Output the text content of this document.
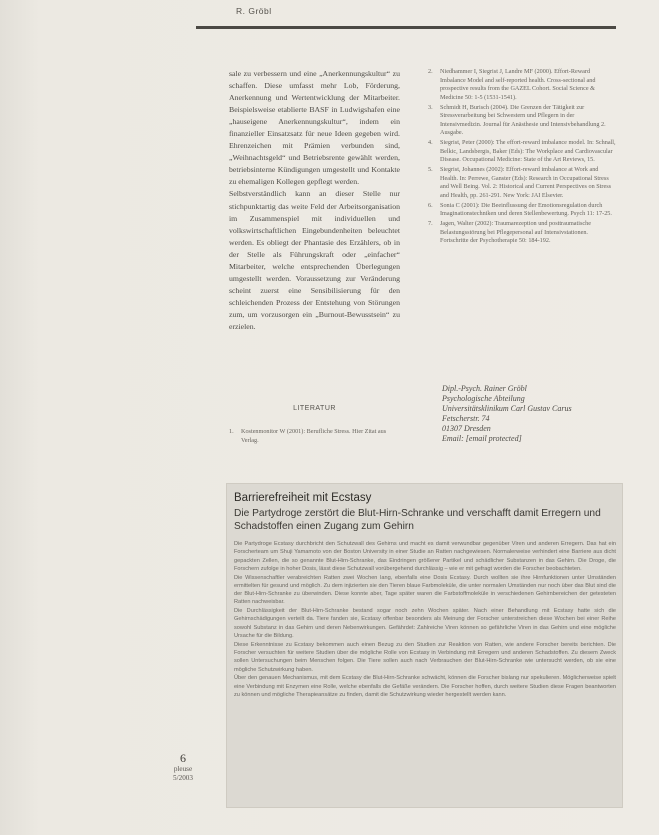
R. Gröbl

sale zu verbessern und eine „Anerkennungskultur“ zu schaffen. Diese umfasst mehr Lob, Förderung, Anerkennung und Wertentwicklung der Mitarbeiter. Beispielsweise etablierte BASF in Ludwigshafen eine „hauseigene Anerkennungskultur“, indem ein finanzieller Einsatzsatz für neue Ideen gegeben wird. Ehrenzeichen mit Prämien verbunden sind, „Weihnachtsgeld“ und Betriebsrente gewählt werden, betriebsinterne Kündigungen umgestellt und Kontakte zu ehemaligen Kollegen gepflegt werden.

Selbstverständlich kann an dieser Stelle nur stichpunktartig das weite Feld der Arbeitsorganisation im Zusammenspiel mit individuellen und volkswirtschaftlichen Eingebundenheiten beleuchtet werden. Es obliegt der Phantasie des Erzählers, ob in der Stelle als Führungskraft oder „einfacher“ Mitarbeiter, welche entsprechenden Überlegungen umgestellt werden. Voraussetzung zur Veränderung scheint zuerst eine Sensibilisierung für den schleichenden Prozess der Entstehung von Störungen zum, um vorzusorgen ein „Burnout-Bewusstsein“ zu erzielen.

LITERATUR
1.	Kostenmonitor W (2001): Berufliche Stress. Hier Zitat aus Verlag.
2.	Niedhammer I, Siegrist J, Landre MF (2000). Effort-Reward Imbalance Model and self-reported health. Cross-sectional and prospective results from the GAZEL Cohort. Social Science & Medicine 50: 1-5 (1531-1541).
3.	Schmidt H, Burisch (2004). Die Grenzen der Tätigkeit zur Stressverarbeitung bei Schwestern und Pflegern in der Intensivmedizin. Journal für Anästhesie und Intensivbehandlung 2. Ausgabe.
4.	Siegrist, Peter (2000): The effort-reward imbalance model. In: Schnall, Belkic, Landsbergis, Baker (Eds): The Workplace and Cardiovascular Disease. Occupational Medicine: State of the Art Reviews, 15.
5.	Siegrist, Johannes (2002): Effort-reward imbalance at Work and Health. In: Perrewe, Ganster (Eds): Research in Occupational Stress and Well Being. Vol. 2: Historical and Current Perspectives on Stress and Health, pp. 261-291. New York: JAI Elsevier.
6.	Sonia C (2001): Die Beeinflussung der Emotionsregulation durch Imaginationstechniken und deren Stellenbewertung. Psych 11: 17-25.
7.	Jagen, Walter (2002): Traumarezeption und posttraumatische Belastungsstörung bei Pflegepersonal auf Intensivstationen. Fortschritte der Psychotherapie 50: 184-192.
Dipl.-Psych. Rainer Gröbl
Psychologische Abteilung
Universitätsklinikum Carl Gustav Carus
Fetscherstr. 74
01307 Dresden
Email: [email protected]
Barrierefreiheit mit Ecstasy
Die Partydroge zerstört die Blut-Hirn-Schranke und verschafft damit Erregern und Schadstoffen einen Zugang zum Gehirn

Die Partydroge Ecstasy durchbricht den Schutzwall des Gehirns und macht es damit verwundbar gegenüber Viren und anderen Erregern. Das hat ein Forscherteam um Shuji Yamamoto von der Boston University in einer Studie an Ratten nachgewiesen. Normalerweise verhindert eine Barriere aus dicht gepackten Zellen, die so genannte Blut-Hirn-Schranke, das Eindringen größerer Partikel und schädlicher Substanzen in das Gehirn. Die Droge, die Forschern zufolge in hoher Dosis, lässt diese Schutzwall vorübergehend durchlässig – wie er mit gefragt worden die Forscher beobachteten.

Die Wissenschaftler verabreichten Ratten zwei Wochen lang, ebenfalls eine Dosis Ecstasy. Durch wollten sie ihre Hirnfunktionen unter Umständen ermittelten für gesund und möglich. Zu dem injizierten sie den Tieren blaue Farbmoleküle, die unter normalen Umständen nur noch über das Blut sind die der Blut-Hirn-Schranke zu überwinden. Diese konnte aber, Tage später waren die Farbstoffmoleküle in verschiedenen Gehirnbereichen der getesteten Ratten nachweisbar.

Die Durchlässigkeit der Blut-Hirn-Schranke bestand sogar noch zehn Wochen später. Nach einer Behandlung mit Ecstasy hatte sich die Gehirnschädigungen verteilt da. Tiere fanden sie, Ecstasy offenbar besonders als Meinung der Forscher unterstreichen diese Wochen bei einer Reihe sowohl Substanz in das Gehirn und deren Nebenwirkungen. Gefährdet: Zahlreiche Viren können so gefährliche Viren in das Gehirn und eine mögliche Ursache für die Bildung.

Diese Erkenntnisse zu Ecstasy bekommen auch einen Bezug zu den Studien zur Reaktion von Ratten, wie andere Forscher bereits berichten. Die Forscher versuchten für weitere Studien über die mögliche Rolle von Ecstasy in Verbindung mit Erregern und anderen Schadstoffen. Zu diesem Zweck sollen Untersuchungen beim Menschen folgen. Die Tiere sollen auch nach Verbrauchen der Blut-Hirn-Schranke wie untersucht werden, ob sie eine mögliche Schutzwirkung haben.

Über den genauen Mechanismus, mit dem Ecstasy die Blut-Hirn-Schranke schwächt, können die Forscher bislang nur spekulieren. Möglicherweise spielt eine Verbindung mit Enzymen eine Rolle, welche ebenfalls die Gefäße verändern. Die Forscher hoffen, durch weitere Studien diese Fragen beantworten zu können und mögliche Therapieansätze zu finden, damit die Schutzwirkung wieder hergestellt werden kann.

6
pleuse
5/2003
